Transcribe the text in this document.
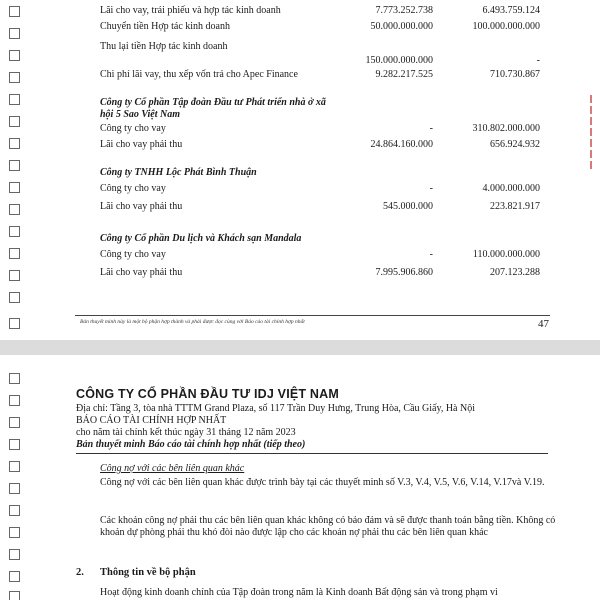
Lãi cho vay, trái phiếu và hợp tác kinh doanh	7.773.252.738	6.493.759.124
Chuyển tiền Hợp tác kinh doanh	50.000.000.000	100.000.000.000
Thu lại tiền Hợp tác kinh doanh
150.000.000.000	-
Chi phí lãi vay, thu xếp vốn trả cho Apec Finance	9.282.217.525	710.730.867
Công ty Cổ phần Tập đoàn Đầu tư Phát triển nhà ở xã
hội 5 Sao Việt Nam
Công ty cho vay	-	310.802.000.000
Lãi cho vay phải thu	24.864.160.000	656.924.932
Công ty TNHH Lộc Phát Bình Thuận
Công ty cho vay	-	4.000.000.000
Lãi cho vay phải thu	545.000.000	223.821.917
Công ty Cổ phần Du lịch và Khách sạn Mandala
Công ty cho vay	-	110.000.000.000
Lãi cho vay phải thu	7.995.906.860	207.123.288
Bản thuyết minh này là một bộ phận hợp thành và phải được đọc cùng với Báo cáo tài chính hợp nhất	47
CÔNG TY CỔ PHẦN ĐẦU TƯ IDJ VIỆT NAM
Địa chỉ: Tầng 3, tòa nhà TTTM Grand Plaza, số 117 Trần Duy Hưng, Trung Hòa, Cầu Giấy, Hà Nội
BÁO CÁO TÀI CHÍNH HỢP NHẤT
cho năm tài chính kết thúc ngày 31 tháng 12 năm 2023
Bản thuyết minh Báo cáo tài chính hợp nhất (tiếp theo)
Công nợ với các bên liên quan khác
Công nợ với các bên liên quan khác được trình bày tại các thuyết minh số V.3, V.4, V.5, V.6, V.14, V.17và V.19.
Các khoản công nợ phải thu các bên liên quan khác không có bảo đảm và sẽ được thanh toán bằng tiền. Không có khoản dự phòng phải thu khó đòi nào được lập cho các khoản nợ phải thu các bên liên quan khác
2. Thông tin về bộ phận
Hoạt động kinh doanh chính của Tập đoàn trong năm là Kinh doanh Bất động sản và trong phạm vi
